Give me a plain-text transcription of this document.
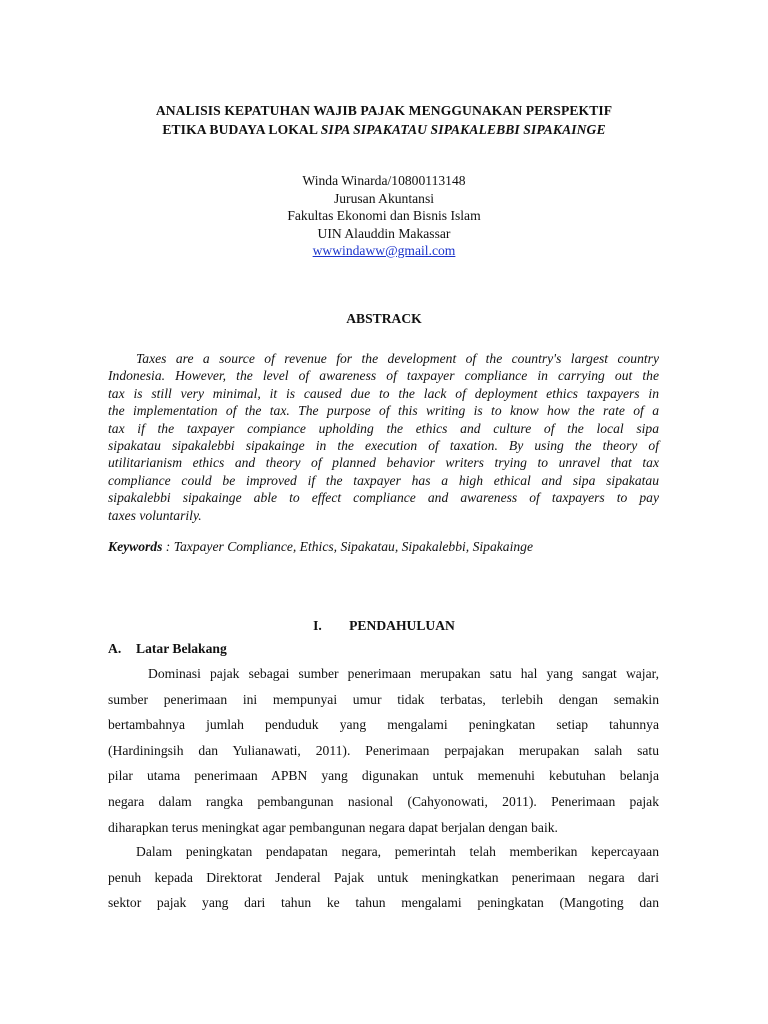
ANALISIS KEPATUHAN WAJIB PAJAK MENGGUNAKAN PERSPEKTIF
ETIKA BUDAYA LOKAL SIPA SIPAKATAU SIPAKALEBBI SIPAKAINGE
Winda Winarda/10800113148
Jurusan Akuntansi
Fakultas Ekonomi dan Bisnis Islam
UIN Alauddin Makassar
wwwindaww@gmail.com
ABSTRACK
Taxes are a source of revenue for the development of the country's largest country
Indonesia. However, the level of awareness of taxpayer compliance in carrying out the
tax is still very minimal, it is caused due to the lack of deployment ethics taxpayers in
the implementation of the tax. The purpose of this writing is to know how the rate of a
tax if the taxpayer compiance upholding the ethics and culture of the local sipa
sipakatau sipakalebbi sipakainge in the execution of taxation. By using the theory of
utilitarianism ethics and theory of planned behavior writers trying to unravel that tax
compliance could be improved if the taxpayer has a high ethical and sipa sipakatau
sipakalebbi sipakainge able to effect compliance and awareness of taxpayers to pay
taxes voluntarily.
Keywords : Taxpayer Compliance, Ethics, Sipakatau, Sipakalebbi, Sipakainge
I. PENDAHULUAN
A. Latar Belakang
Dominasi pajak sebagai sumber penerimaan merupakan satu hal yang sangat wajar,
sumber penerimaan ini mempunyai umur tidak terbatas, terlebih dengan semakin
bertambahnya jumlah penduduk yang mengalami peningkatan setiap tahunnya
(Hardiningsih dan Yulianawati, 2011). Penerimaan perpajakan merupakan salah satu
pilar utama penerimaan APBN yang digunakan untuk memenuhi kebutuhan belanja
negara dalam rangka pembangunan nasional (Cahyonowati, 2011). Penerimaan pajak
diharapkan terus meningkat agar pembangunan negara dapat berjalan dengan baik.
Dalam peningkatan pendapatan negara, pemerintah telah memberikan kepercayaan
penuh kepada Direktorat Jenderal Pajak untuk meningkatkan penerimaan negara dari
sektor pajak yang dari tahun ke tahun mengalami peningkatan (Mangoting dan
